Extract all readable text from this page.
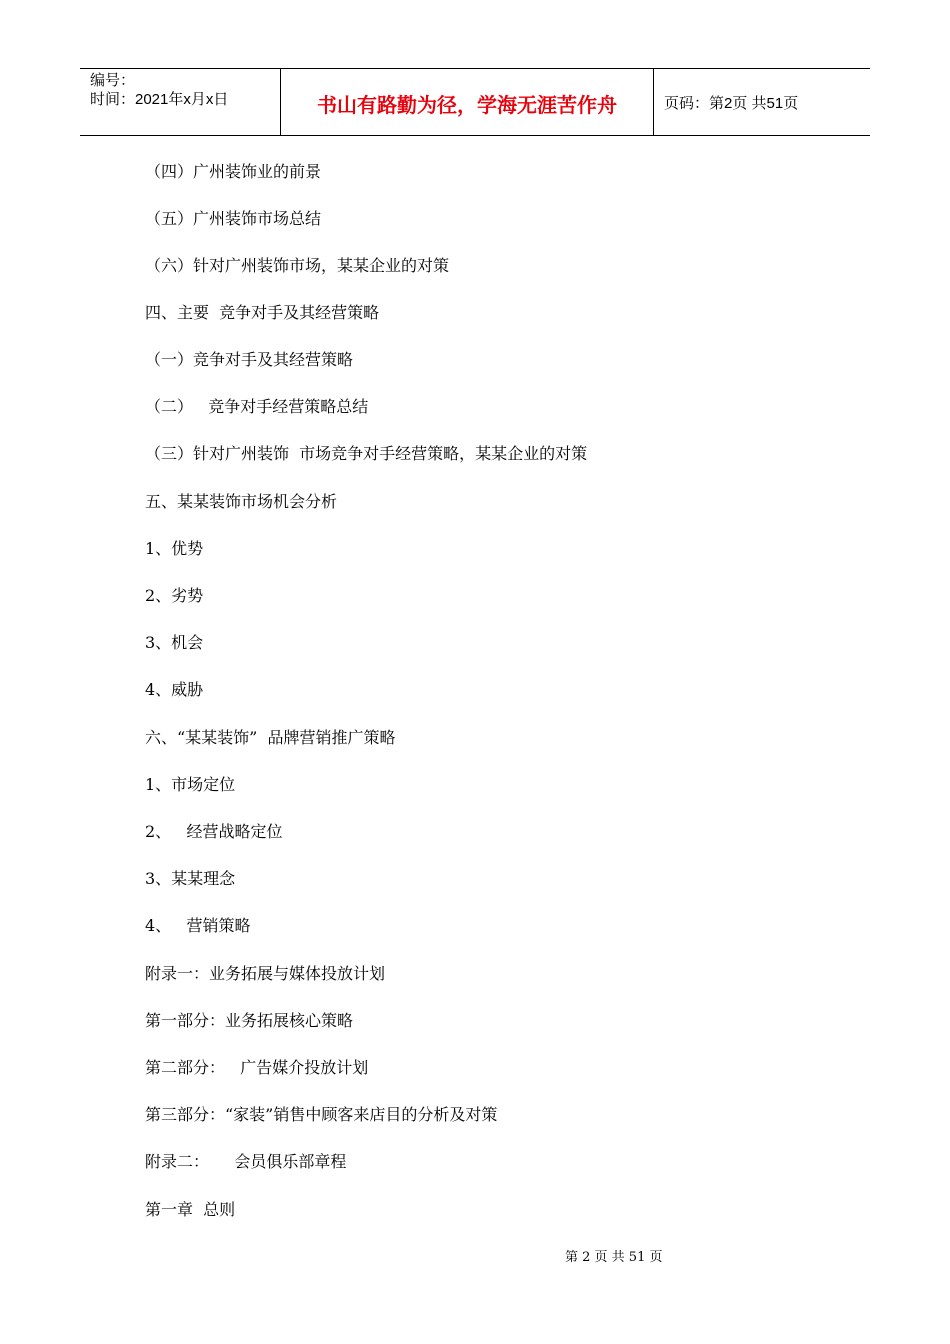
编号：
时间：2021年x月x日	书山有路勤为径，学海无涯苦作舟	页码：第2页 共51页
（四）广州装饰业的前景
（五）广州装饰市场总结
（六）针对广州装饰市场，某某企业的对策
四、主要  竞争对手及其经营策略
（一）竞争对手及其经营策略
（二）   竞争对手经营策略总结
（三）针对广州装饰  市场竞争对手经营策略，某某企业的对策
五、某某装饰市场机会分析
1、优势
2、劣势
3、机会
4、威胁
六、“某某装饰”  品牌营销推广策略
1、市场定位
2、   经营战略定位
3、某某理念
4、   营销策略
附录一：业务拓展与媒体投放计划
第一部分：业务拓展核心策略
第二部分：   广告媒介投放计划
第三部分：“家装”销售中顾客来店目的分析及对策
附录二：     会员俱乐部章程
第一章  总则

第 2 页 共 51 页
